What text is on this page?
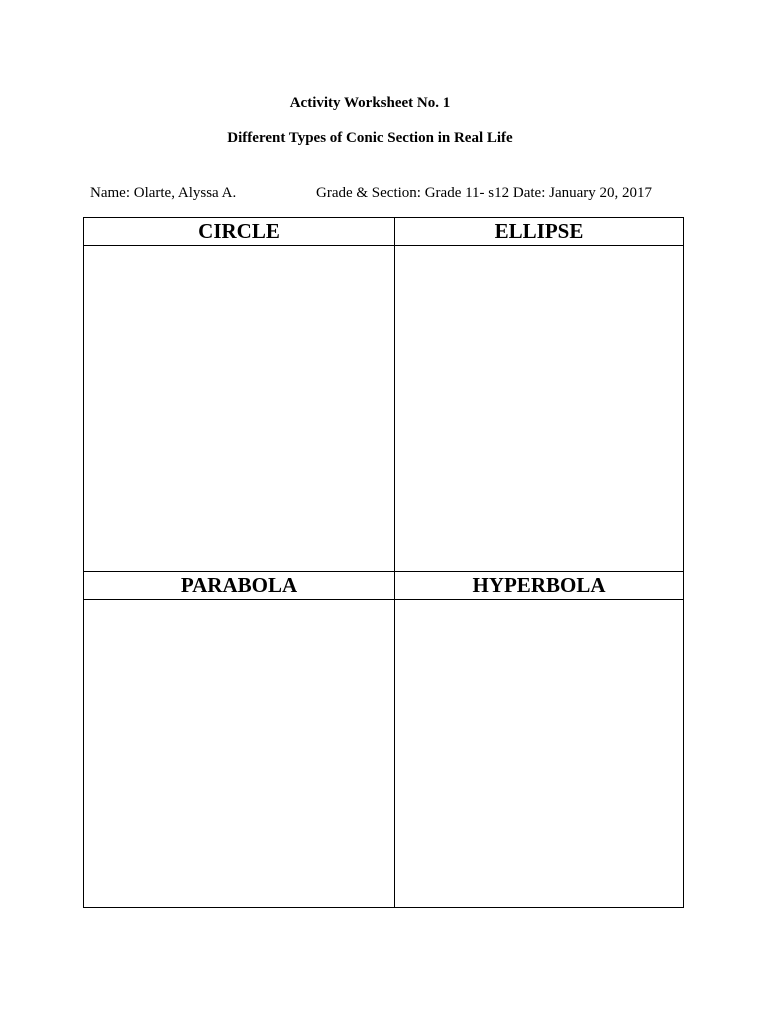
Activity Worksheet No. 1
Different Types of Conic Section in Real Life
Name: Olarte, Alyssa A.	Grade & Section: Grade 11- s12 Date: January 20, 2017
CIRCLE	ELLIPSE

PARABOLA	HYPERBOLA
